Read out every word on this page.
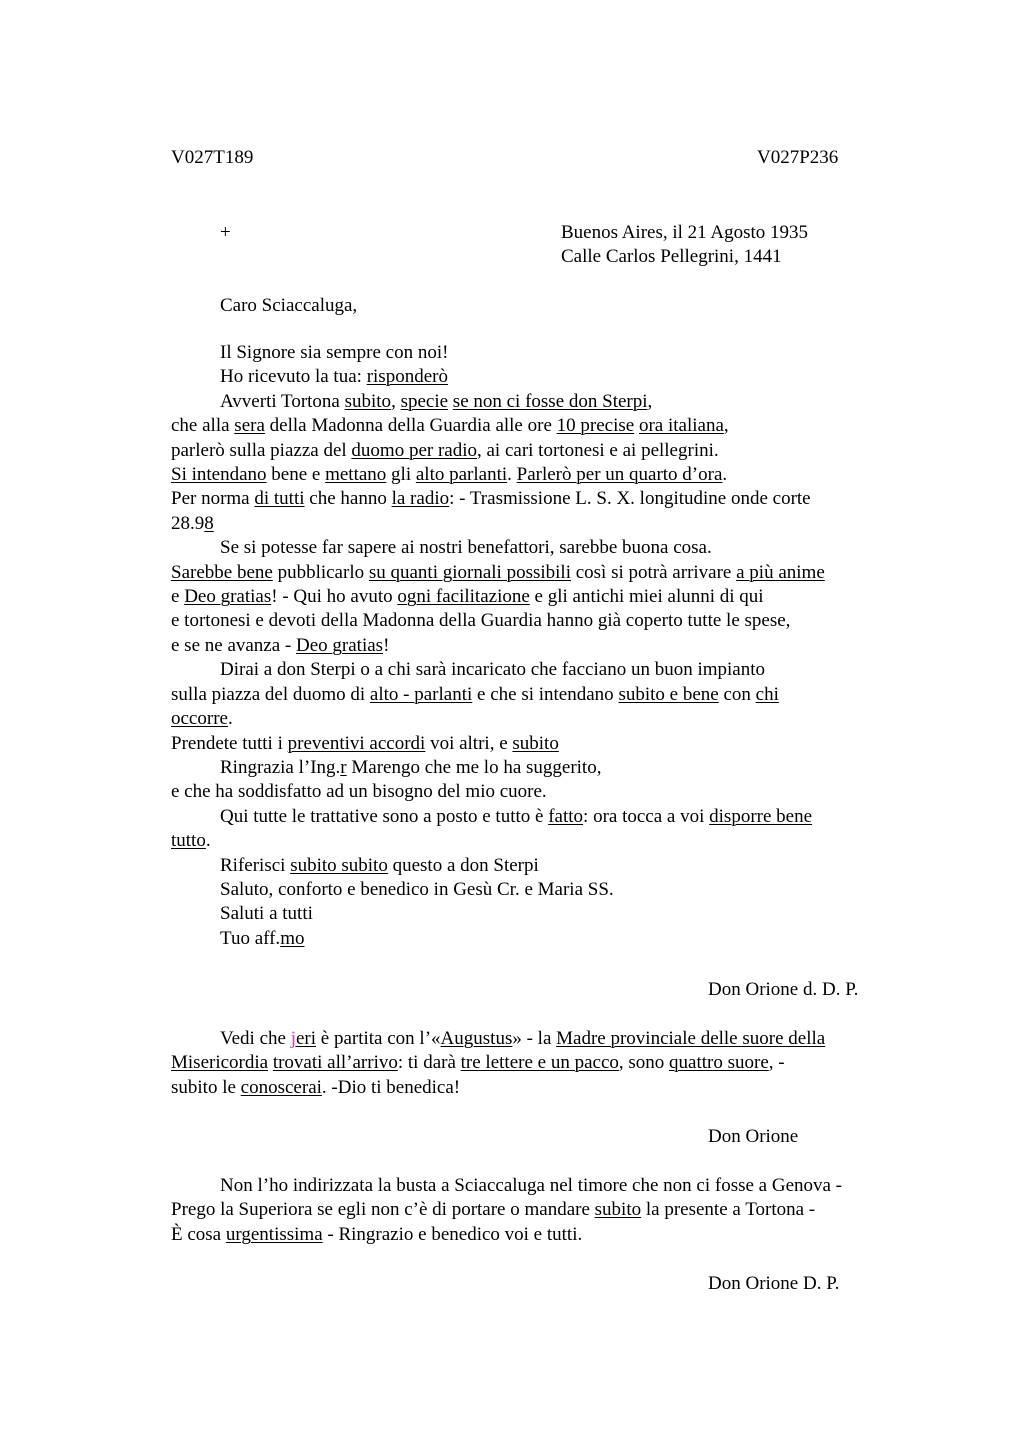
V027T189	V027P236
+	Buenos Aires, il 21 Agosto 1935
Calle Carlos Pellegrini, 1441
Caro Sciaccaluga,
Il Signore sia sempre con noi!
Ho ricevuto la tua: risponderò
Avverti Tortona subito, specie se non ci fosse don Sterpi,
che alla sera della Madonna della Guardia alle ore 10 precise ora italiana,
parlerò sulla piazza del duomo per radio, ai cari tortonesi e ai pellegrini.
Si intendano bene e mettano gli alto parlanti. Parlerò per un quarto d’ora.
Per norma di tutti che hanno la radio: - Trasmissione L. S. X. longitudine onde corte
28.98
Se si potesse far sapere ai nostri benefattori, sarebbe buona cosa.
Sarebbe bene pubblicarlo su quanti giornali possibili così si potrà arrivare a più anime
e Deo gratias! - Qui ho avuto ogni facilitazione e gli antichi miei alunni di qui
e tortonesi e devoti della Madonna della Guardia hanno già coperto tutte le spese,
e se ne avanza - Deo gratias!
Dirai a don Sterpi o a chi sarà incaricato che facciano un buon impianto
sulla piazza del duomo di alto - parlanti e che si intendano subito e bene con chi
occorre.
Prendete tutti i preventivi accordi voi altri, e subito
Ringrazia l’Ing.r Marengo che me lo ha suggerito,
e che ha soddisfatto ad un bisogno del mio cuore.
Qui tutte le trattative sono a posto e tutto è fatto: ora tocca a voi disporre bene
tutto.
Riferisci subito subito questo a don Sterpi
Saluto, conforto e benedico in Gesù Cr. e Maria SS.
Saluti a tutti
Tuo aff.mo
Don Orione d. D. P.
Vedi che jeri è partita con l’«Augustus» - la Madre provinciale delle suore della
Misericordia trovati all’arrivo: ti darà tre lettere e un pacco, sono quattro suore, -
subito le conoscerai. -Dio ti benedica!
Don Orione
Non l’ho indirizzata la busta a Sciaccaluga nel timore che non ci fosse a Genova -
Prego la Superiora se egli non c’è di portare o mandare subito la presente a Tortona -
È cosa urgentissima - Ringrazio e benedico voi e tutti.
Don Orione D. P.
